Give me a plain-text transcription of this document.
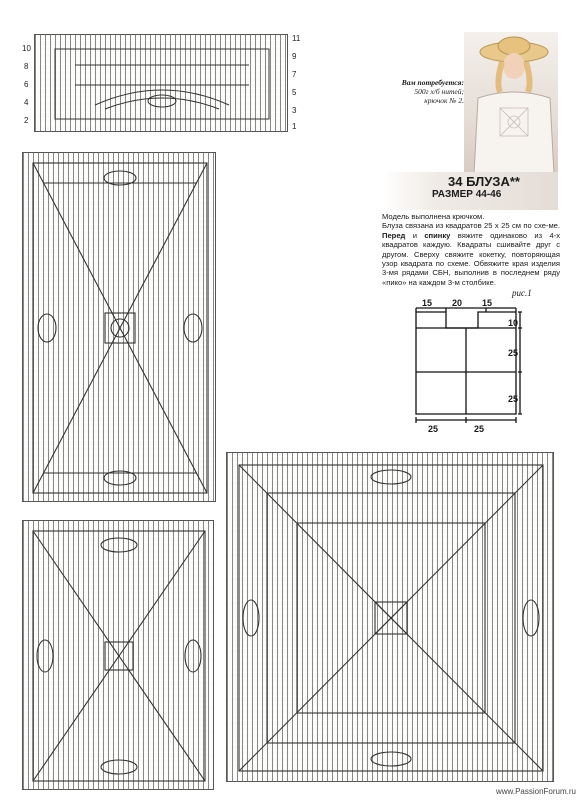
11
9
7
5
3
1
10
8
6
4
2
Вам потребуется:
500г х/б нитей;
крючок № 2.
34 БЛУЗА**
РАЗМЕР 44-46
Модель выполнена крючком.
Блуза связана из квадратов 25 х 25 см по схе-ме. Перед и спинку вяжите одинаково из 4-х квадратов каждую. Квадраты сшивайте друг с другом. Сверху свяжите кокетку, повторяющая узор квадрата по схеме. Обвяжите края изделия 3-мя рядами СБН, выполнив в последнем ряду «пико» на каждом 3-м столбике.
рис.1
15 20 15
10
25
25
25	25
www.PassionForum.ru
